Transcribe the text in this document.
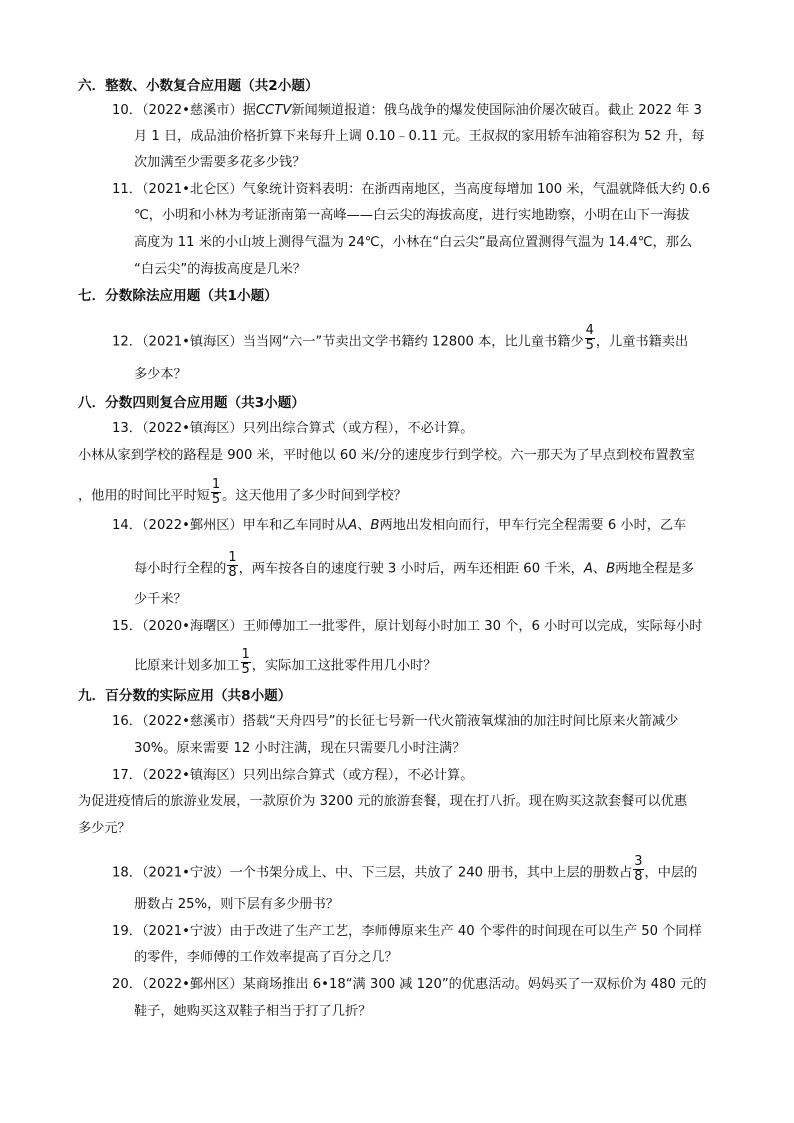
六．整数、小数复合应用题（共2小题）
10．（2022•慈溪市）据CCTV新闻频道报道：俄乌战争的爆发使国际油价屡次破百。截止 2022 年 3
月 1 日，成品油价格折算下来每升上调 0.10﹣0.11 元。王叔叔的家用轿车油箱容积为 52 升，每
次加满至少需要多花多少钱？
11．（2021•北仑区）气象统计资料表明：在浙西南地区，当高度每增加 100 米，气温就降低大约 0.6
℃，小明和小林为考证浙南第一高峰——白云尖的海拔高度，进行实地勘察，小明在山下一海拔
高度为 11 米的小山坡上测得气温为 24℃，小林在“白云尖”最高位置测得气温为 14.4℃，那么
“白云尖”的海拔高度是几米？
七．分数除法应用题（共1小题）
12．（2021•镇海区）当当网“六一”节卖出文学书籍约 12800 本，比儿童书籍少 $\frac{4}{5}$ ，儿童书籍卖出
多少本？
八．分数四则复合应用题（共3小题）
13．（2022•镇海区）只列出综合算式（或方程），不必计算。
小林从家到学校的路程是 900 米，平时他以 60 米/分的速度步行到学校。六一那天为了早点到校布置教室
，他用的时间比平时短 $\frac{1}{5}$ 。这天他用了多少时间到学校？
14．（2022•鄞州区）甲车和乙车同时从A、B两地出发相向而行，甲车行完全程需要 6 小时，乙车
每小时行全程的 $\frac{1}{8}$ ，两车按各自的速度行驶 3 小时后，两车还相距 60 千米，A、B两地全程是多
少千米？
15．（2020•海曙区）王师傅加工一批零件，原计划每小时加工 30 个，6 小时可以完成，实际每小时
比原来计划多加工 $\frac{1}{5}$ ，实际加工这批零件用几小时？
九．百分数的实际应用（共8小题）
16．（2022•慈溪市）搭载“天舟四号”的长征七号新一代火箭液氧煤油的加注时间比原来火箭减少
30%。原来需要 12 小时注满，现在只需要几小时注满？
17．（2022•镇海区）只列出综合算式（或方程），不必计算。
为促进疫情后的旅游业发展，一款原价为 3200 元的旅游套餐，现在打八折。现在购买这款套餐可以优惠
多少元？
18．（2021•宁波）一个书架分成上、中、下三层，共放了 240 册书，其中上层的册数占 $\frac{3}{8}$ ，中层的
册数占 25%，则下层有多少册书？
19．（2021•宁波）由于改进了生产工艺，李师傅原来生产 40 个零件的时间现在可以生产 50 个同样
的零件，李师傅的工作效率提高了百分之几？
20．（2022•鄞州区）某商场推出 6•18“满 300 减 120”的优惠活动。妈妈买了一双标价为 480 元的
鞋子，她购买这双鞋子相当于打了几折？
